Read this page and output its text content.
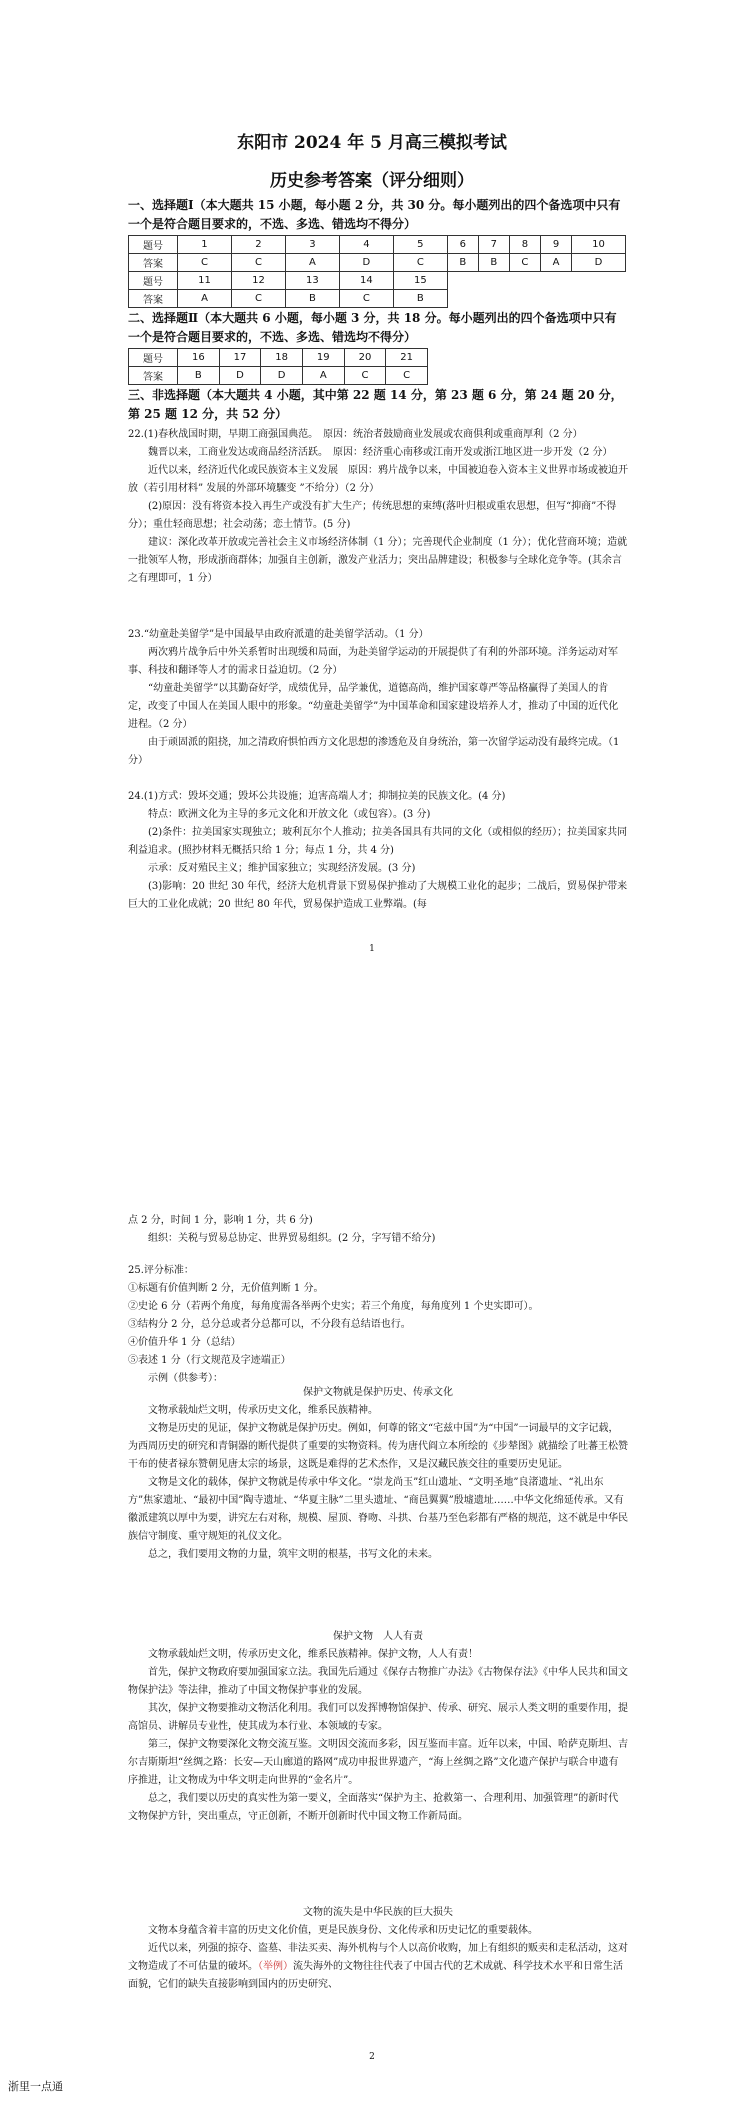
东阳市 2024 年 5 月高三模拟考试
历史参考答案（评分细则）
一、选择题Ⅰ（本大题共 15 小题，每小题 2 分，共 30 分。每小题列出的四个备选项中只有一个是符合题目要求的，不选、多选、错选均不得分）
题号	1	2	3	4	5	6	7	8	9	10
答案	C	C	A	D	C	B	B	C	A	D
题号	11	12	13	14	15					
答案	A	C	B	C	B					
二、选择题Ⅱ（本大题共 6 小题，每小题 3 分，共 18 分。每小题列出的四个备选项中只有一个是符合题目要求的，不选、多选、错选均不得分）
题号	16	17	18	19	20	21
答案	B	D	D	A	C	C
三、非选择题（本大题共 4 小题，其中第 22 题 14 分，第 23 题 6 分，第 24 题 20 分，第 25 题 12 分，共 52 分）

22.(1)春秋战国时期，早期工商强国典范。　原因：统治者鼓励商业发展或农商俱利或重商厚利（2 分）

魏晋以来，工商业发达或商品经济活跃。　原因：经济重心南移或江南开发或浙江地区进一步开发（2 分）

近代以来，经济近代化或民族资本主义发展　原因：鸦片战争以来，中国被迫卷入资本主义世界市场或被迫开放（若引用材料” 发展的外部环境驟变 ”不给分）（2 分）

(2)原因：没有将资本投入再生产或没有扩大生产；传统思想的束缚(落叶归根或重农思想，但写“抑商”不得分）；重仕轻商思想；社会动荡；恋土情节。(5 分)

建议：深化改革开放或完善社会主义市场经济体制（1 分）；完善现代企业制度（1 分）；优化营商环境；造就一批领军人物，形成浙商群体；加强自主创新，激发产业活力；突出品牌建设；积极参与全球化竞争等。(其余言之有理即可，1 分）

23.“幼童赴美留学”是中国最早由政府派遣的赴美留学活动。（1 分）

两次鸦片战争后中外关系暂时出现缓和局面，为赴美留学运动的开展提供了有利的外部环境。洋务运动对军事、科技和翻译等人才的需求日益迫切。（2 分）

“幼童赴美留学”以其勤奋好学，成绩优异，品学兼优，道德高尚，维护国家尊严等品格赢得了美国人的肯定，改变了中国人在美国人眼中的形象。“幼童赴美留学”为中国革命和国家建设培养人才，推动了中国的近代化进程。（2 分）

由于顽固派的阻挠，加之清政府惧怕西方文化思想的渗透危及自身统治，第一次留学运动没有最终完成。（1 分）

24.(1)方式：毁坏交通；毁坏公共设施；迫害高端人才；抑制拉美的民族文化。(4 分)

特点：欧洲文化为主导的多元文化和开放文化（或包容）。(3 分)

(2)条件：拉美国家实现独立；玻利瓦尔个人推动；拉美各国具有共同的文化（或相似的经历）；拉美国家共同利益追求。(照抄材料无概括只给 1 分；每点 1 分，共 4 分)

示承：反对殖民主义；维护国家独立；实现经济发展。(3 分)

(3)影响：20 世纪 30 年代，经济大危机背景下贸易保护推动了大规模工业化的起步；二战后，贸易保护带来巨大的工业化成就；20 世纪 80 年代，贸易保护造成工业弊端。(每

1

点 2 分，时间 1 分，影响 1 分，共 6 分)

组织：关税与贸易总协定、世界贸易组织。(2 分，字写错不给分)

25.评分标准：

①标题有价值判断 2 分，无价值判断 1 分。

②史论 6 分（若两个角度，每角度需各举两个史实；若三个角度，每角度列 1 个史实即可）。

③结构分 2 分，总分总或者分总都可以，不分段有总结语也行。

④价值升华 1 分（总结）

⑤表述 1 分（行文规范及字迹端正）

示例（供参考）：

保护文物就是保护历史、传承文化

文物承载灿烂文明，传承历史文化，维系民族精神。

文物是历史的见证，保护文物就是保护历史。例如，何尊的铭文“宅兹中国”为“中国”一词最早的文字记载，为西周历史的研究和青铜器的断代提供了重要的实物资料。传为唐代阎立本所绘的《步辇图》就描绘了吐蕃王松赞干布的使者禄东赞朝见唐太宗的场景，这既是难得的艺术杰作，又是汉藏民族交往的重要历史见证。

文物是文化的载体，保护文物就是传承中华文化。“崇龙尚玉”红山遗址、“文明圣地”良渚遗址、“礼出东方”焦家遗址、“最初中国”陶寺遗址、“华夏主脉”二里头遗址、“商邑翼翼”殷墟遗址……中华文化绵延传承。又有徽派建筑以厚中为要，讲究左右对称，规模、屋顶、脊吻、斗拱、台基乃至色彩都有严格的规范，这不就是中华民族信守制度、重守规矩的礼仪文化。

总之，我们要用文物的力量，筑牢文明的根基，书写文化的未来。

保护文物　人人有责

文物承载灿烂文明，传承历史文化，维系民族精神。保护文物，人人有责！

首先，保护文物政府要加强国家立法。我国先后通过《保存古物推广办法》《古物保存法》《中华人民共和国文物保护法》等法律，推动了中国文物保护事业的发展。

其次，保护文物要推动文物活化利用。我们可以发挥博物馆保护、传承、研究、展示人类文明的重要作用，提高馆员、讲解员专业性，使其成为本行业、本领域的专家。

第三，保护文物要深化文物交流互鉴。文明因交流而多彩，因互鉴而丰富。近年以来，中国、哈萨克斯坦、吉尔吉斯斯坦“丝绸之路：长安—天山廊道的路网”成功申报世界遗产，“海上丝绸之路”文化遗产保护与联合申遗有序推进，让文物成为中华文明走向世界的“金名片”。

总之，我们要以历史的真实性为第一要义，全面落实“保护为主、抢救第一、合理利用、加强管理”的新时代文物保护方针，突出重点，守正创新，不断开创新时代中国文物工作新局面。

文物的流失是中华民族的巨大损失

文物本身蕴含着丰富的历史文化价值，更是民族身份、文化传承和历史记忆的重要载体。

近代以来，列强的掠夺、盗墓、非法买卖、海外机构与个人以高价收购，加上有组织的贩卖和走私活动，这对文物造成了不可估量的破坏。（举例）流失海外的文物往往代表了中国古代的艺术成就、科学技术水平和日常生活面貌，它们的缺失直接影响到国内的历史研究、

2
浙里一点通
